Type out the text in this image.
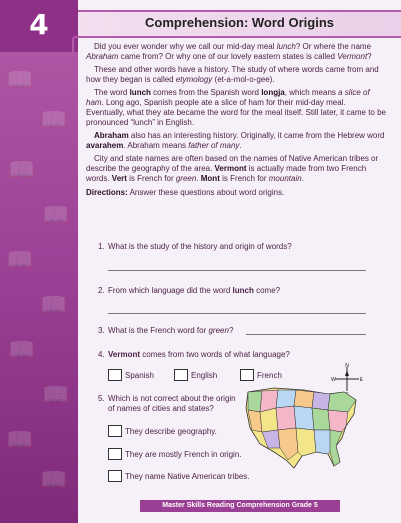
📖
📖
📖
📖
📖
📖
📖
📖
📖
📖
4	Comprehension: Word Origins

Did you ever wonder why we call our mid-day meal lunch? Or where the name Abraham came from? Or why one of our lovely eastern states is called Vermont?

These and other words have a history. The study of where words came from and how they began is called etymology (et-a-mol-o-gee).

The word lunch comes from the Spanish word longja, which means a slice of ham. Long ago, Spanish people ate a slice of ham for their mid-day meal. Eventually, what they ate became the word for the meal itself. Still later, it came to be pronounced “lunch” in English.

Abraham also has an interesting history. Originally, it came from the Hebrew word avarahem. Abraham means father of many.

City and state names are often based on the names of Native American tribes or describe the geography of the area. Vermont is actually made from two French words. Vert is French for green. Mont is French for mountain.

Directions: Answer these questions about word origins.
1. What is the study of the history and origin of words?
2. From which language did the word lunch come?
3. What is the French word for green?
4. Vermont comes from two words of what language?
Spanish	English	French
5. Which is not correct about the origin
of names of cities and states?
They describe geography.
They are mostly French in origin.
They name Native American tribes.
N
E
W
Master Skills Reading Comprehension Grade 5
